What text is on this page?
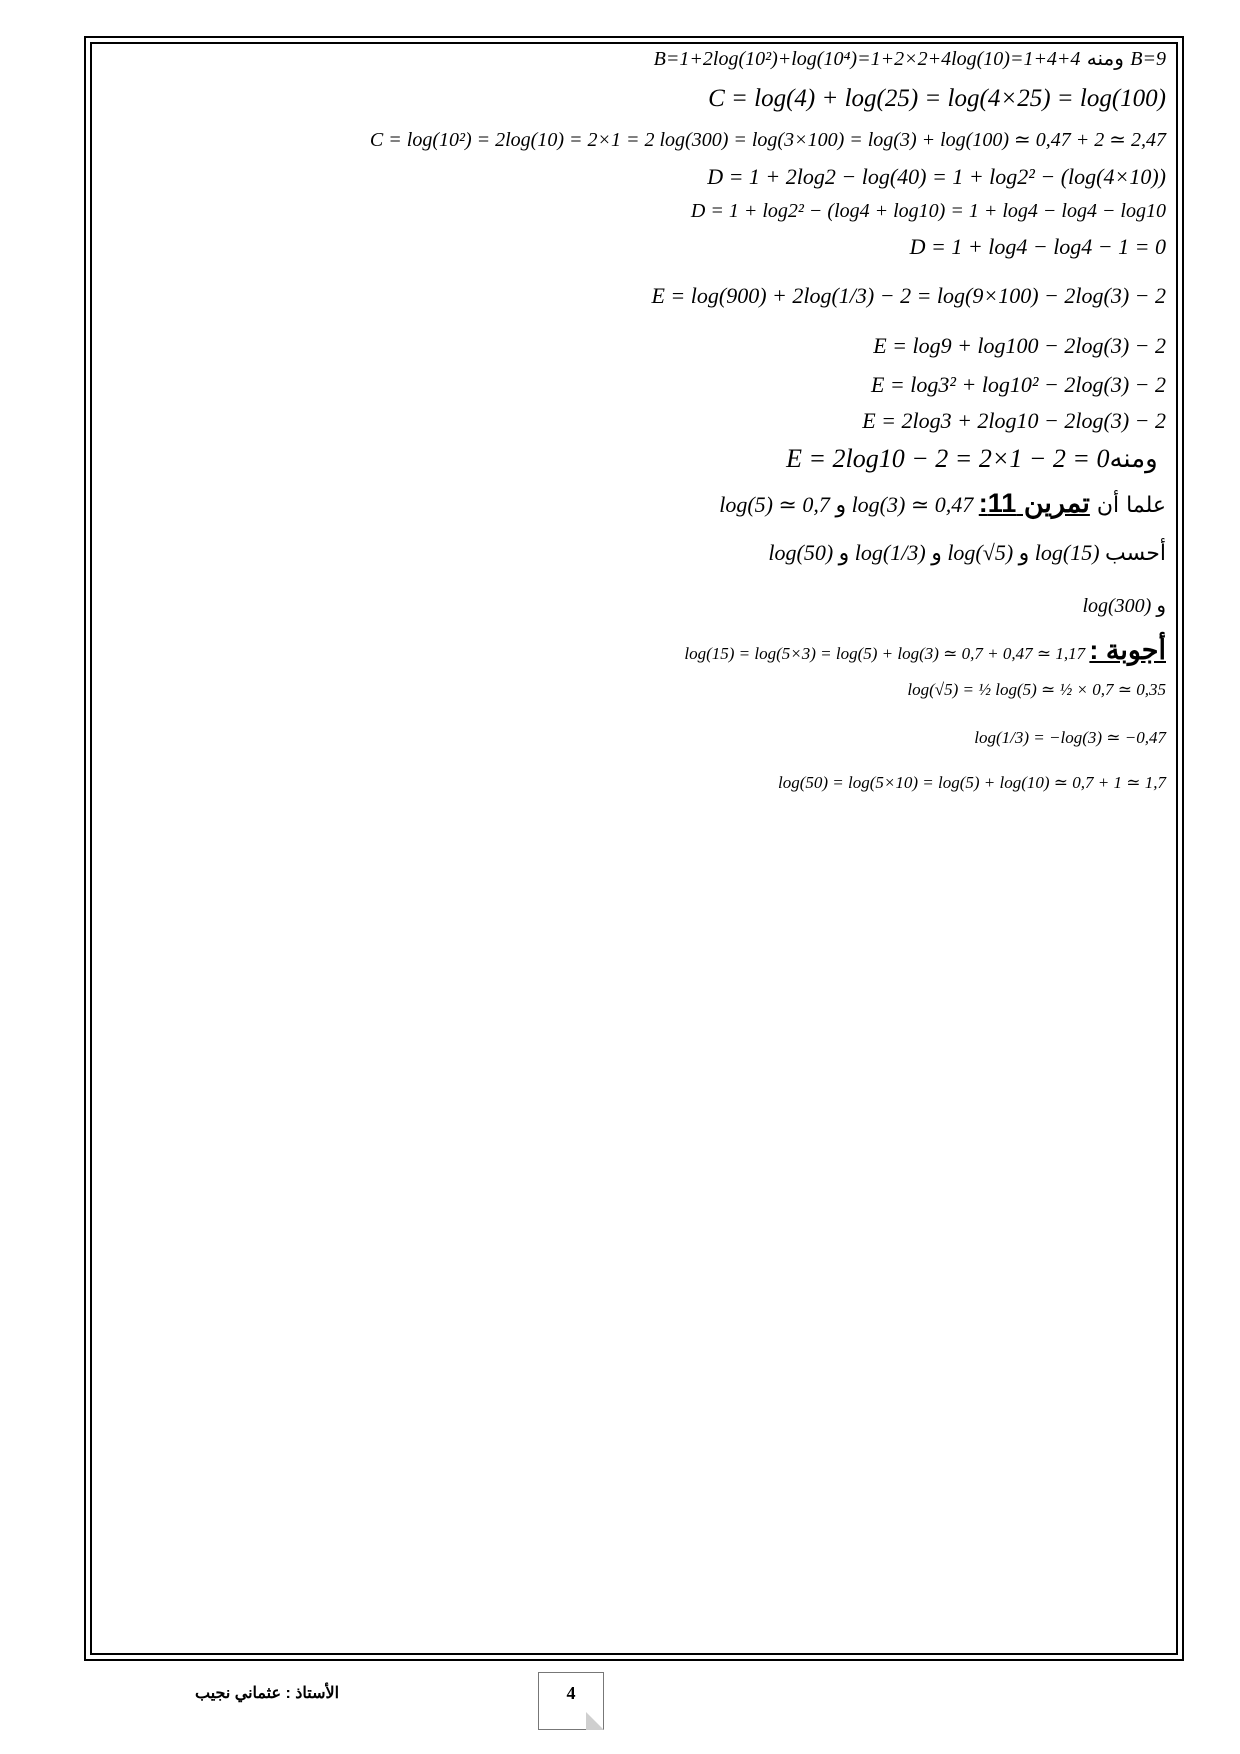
B=1+2log(10²)+log(10⁴)=1+2×2+4log(10)=1+4+4 ومنه B=9
C = log(4) + log(25) = log(4×25) = log(100)
C = log(10²) = 2log(10) = 2×1 = 2 log(300) = log(3×100) = log(3) + log(100) ≃ 0,47 + 2 ≃ 2,47
D = 1 + 2log2 − log(40) = 1 + log2² − (log(4×10))
D = 1 + log2² − (log4 + log10) = 1 + log4 − log4 − log10
D = 1 + log4 − log4 − 1 = 0
E = log(900) + 2log(1/3) − 2 = log(9×100) − 2log(3) − 2
E = log9 + log100 − 2log(3) − 2
E = log3² + log10² − 2log(3) − 2
E = 2log3 + 2log10 − 2log(3) − 2
E = 2log10 − 2 = 2×1 − 2 = 0 ومنه
log(5) ≃ 0,7 و log(3) ≃ 0,47	علما أن تمرين 11:
log(50) و log(1/3) و log(√5) و log(15) أحسب
log(300) و
log(15) = log(5×3) = log(5) + log(3) ≃ 0,7 + 0,47 ≃ 1,17 أجوبة :
log(√5) = ½ log(5) ≃ ½ × 0,7 ≃ 0,35
log(1/3) = −log(3) ≃ −0,47
log(50) = log(5×10) = log(5) + log(10) ≃ 0,7 + 1 ≃ 1,7
الأستاذ : عثماني نجيب	4
